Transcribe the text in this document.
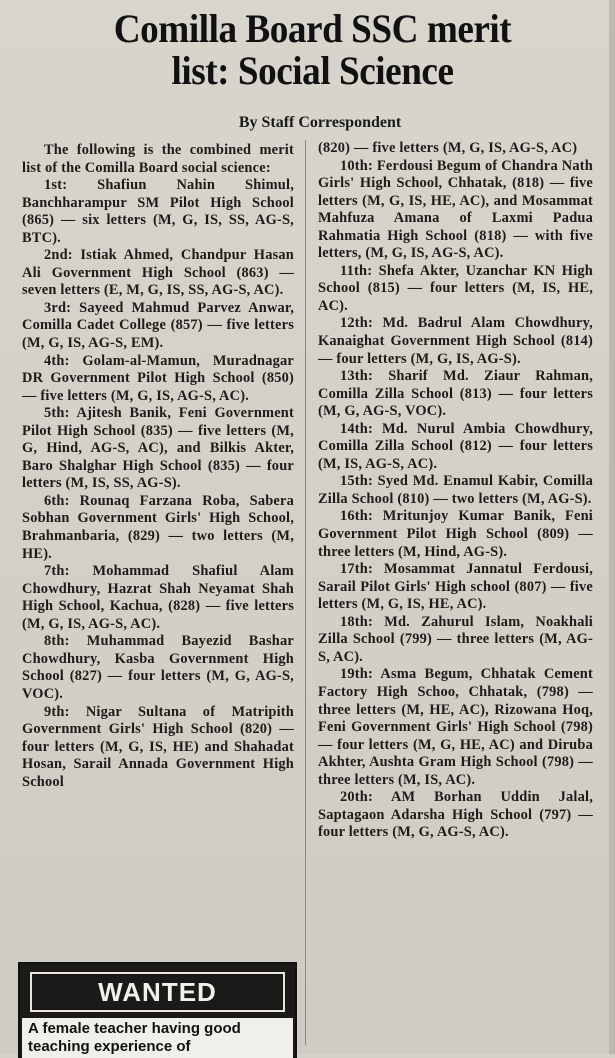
Comilla Board SSC merit
list: Social Science
By Staff Correspondent

The following is the combined merit list of the Comilla Board social science:

1st: Shafiun Nahin Shimul, Banchharampur SM Pilot High School (865) — six letters (M, G, IS, SS, AG-S, BTC).

2nd: Istiak Ahmed, Chandpur Hasan Ali Government High School (863) — seven letters (E, M, G, IS, SS, AG-S, AC).

3rd: Sayeed Mahmud Parvez Anwar, Comilla Cadet College (857) — five letters (M, G, IS, AG-S, EM).

4th: Golam-al-Mamun, Muradnagar DR Government Pilot High School (850) — five letters (M, G, IS, AG-S, AC).

5th: Ajitesh Banik, Feni Government Pilot High School (835) — five letters (M, G, Hind, AG-S, AC), and Bilkis Akter, Baro Shalghar High School (835) — four letters (M, IS, SS, AG-S).

6th: Rounaq Farzana Roba, Sabera Sobhan Government Girls' High School, Brahmanbaria, (829) — two letters (M, HE).

7th: Mohammad Shafiul Alam Chowdhury, Hazrat Shah Neyamat Shah High School, Kachua, (828) — five letters (M, G, IS, AG-S, AC).

8th: Muhammad Bayezid Bashar Chowdhury, Kasba Government High School (827) — four letters (M, G, AG-S, VOC).

9th: Nigar Sultana of Matripith Government Girls' High School (820) — four letters (M, G, IS, HE) and Shahadat Hosan, Sarail Annada Government High School

(820) — five letters (M, G, IS, AG-S, AC)

10th: Ferdousi Begum of Chandra Nath Girls' High School, Chhatak, (818) — five letters (M, G, IS, HE, AC), and Mosammat Mahfuza Amana of Laxmi Padua Rahmatia High School (818) — with five letters, (M, G, IS, AG-S, AC).

11th: Shefa Akter, Uzanchar KN High School (815) — four letters (M, IS, HE, AC).

12th: Md. Badrul Alam Chowdhury, Kanaighat Government High School (814) — four letters (M, G, IS, AG-S).

13th: Sharif Md. Ziaur Rahman, Comilla Zilla School (813) — four letters (M, G, AG-S, VOC).

14th: Md. Nurul Ambia Chowdhury, Comilla Zilla School (812) — four letters (M, IS, AG-S, AC).

15th: Syed Md. Enamul Kabir, Comilla Zilla School (810) — two letters (M, AG-S).

16th: Mritunjoy Kumar Banik, Feni Government Pilot High School (809) — three letters (M, Hind, AG-S).

17th: Mosammat Jannatul Ferdousi, Sarail Pilot Girls' High school (807) — five letters (M, G, IS, HE, AC).

18th: Md. Zahurul Islam, Noakhali Zilla School (799) — three letters (M, AG-S, AC).

19th: Asma Begum, Chhatak Cement Factory High Schoo, Chhatak, (798) — three letters (M, HE, AC), Rizowana Hoq, Feni Government Girls' High School (798) — four letters (M, G, HE, AC) and Diruba Akhter, Aushta Gram High School (798) — three letters (M, IS, AC).

20th: AM Borhan Uddin Jalal, Saptagaon Adarsha High School (797) — four letters (M, G, AG-S, AC).

WANTED
A female teacher having good teaching experience of
